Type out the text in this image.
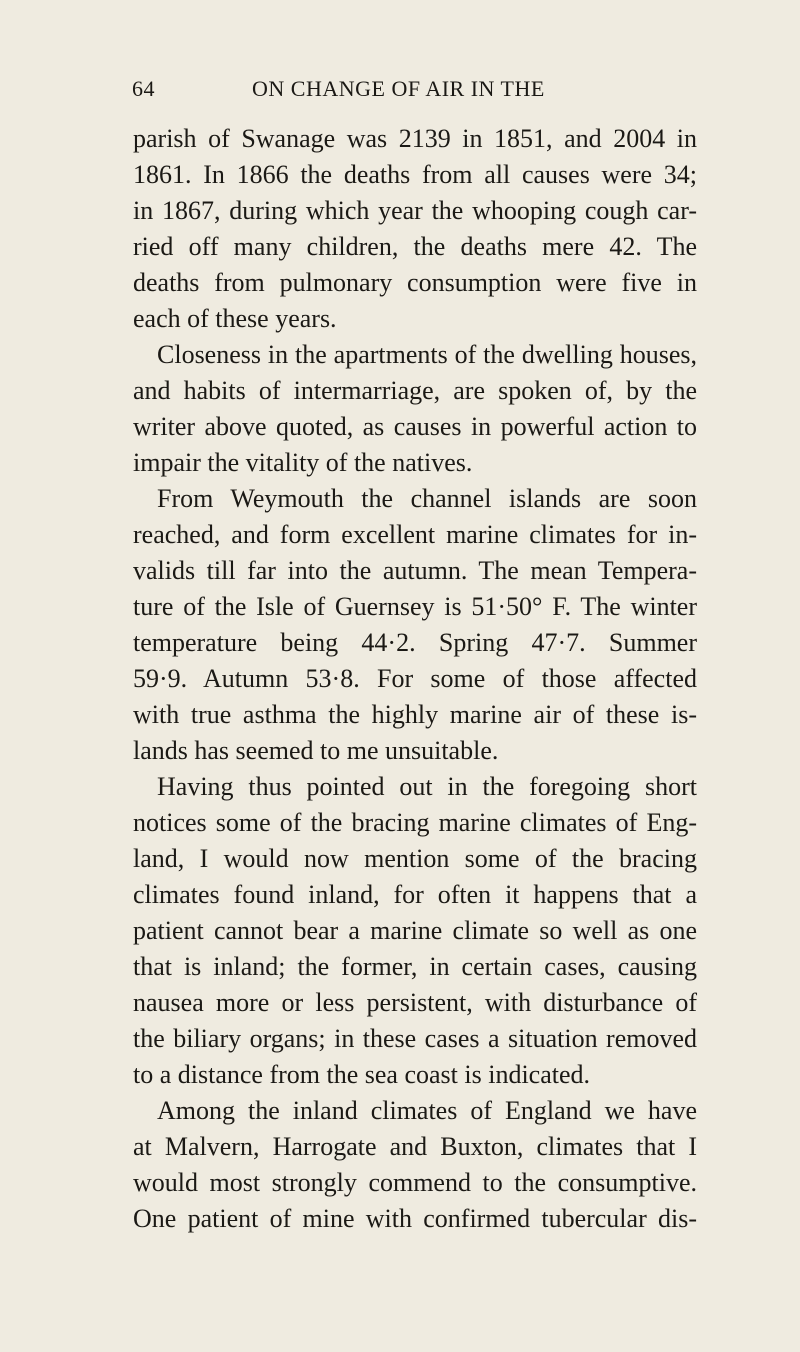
64	ON CHANGE OF AIR IN THE

parish of Swanage was 2139 in 1851, and 2004 in
1861. In 1866 the deaths from all causes were 34;
in 1867, during which year the whooping cough car-
ried off many children, the deaths mere 42. The
deaths from pulmonary consumption were five in
each of these years.

Closeness in the apartments of the dwelling houses,
and habits of intermarriage, are spoken of, by the
writer above quoted, as causes in powerful action to
impair the vitality of the natives.

From Weymouth the channel islands are soon
reached, and form excellent marine climates for in-
valids till far into the autumn. The mean Tempera-
ture of the Isle of Guernsey is 51·50° F. The winter
temperature being 44·2. Spring 47·7. Summer
59·9. Autumn 53·8. For some of those affected
with true asthma the highly marine air of these is-
lands has seemed to me unsuitable.

Having thus pointed out in the foregoing short
notices some of the bracing marine climates of Eng-
land, I would now mention some of the bracing
climates found inland, for often it happens that a
patient cannot bear a marine climate so well as one
that is inland; the former, in certain cases, causing
nausea more or less persistent, with disturbance of
the biliary organs; in these cases a situation removed
to a distance from the sea coast is indicated.

Among the inland climates of England we have
at Malvern, Harrogate and Buxton, climates that I
would most strongly commend to the consumptive.
One patient of mine with confirmed tubercular dis-
